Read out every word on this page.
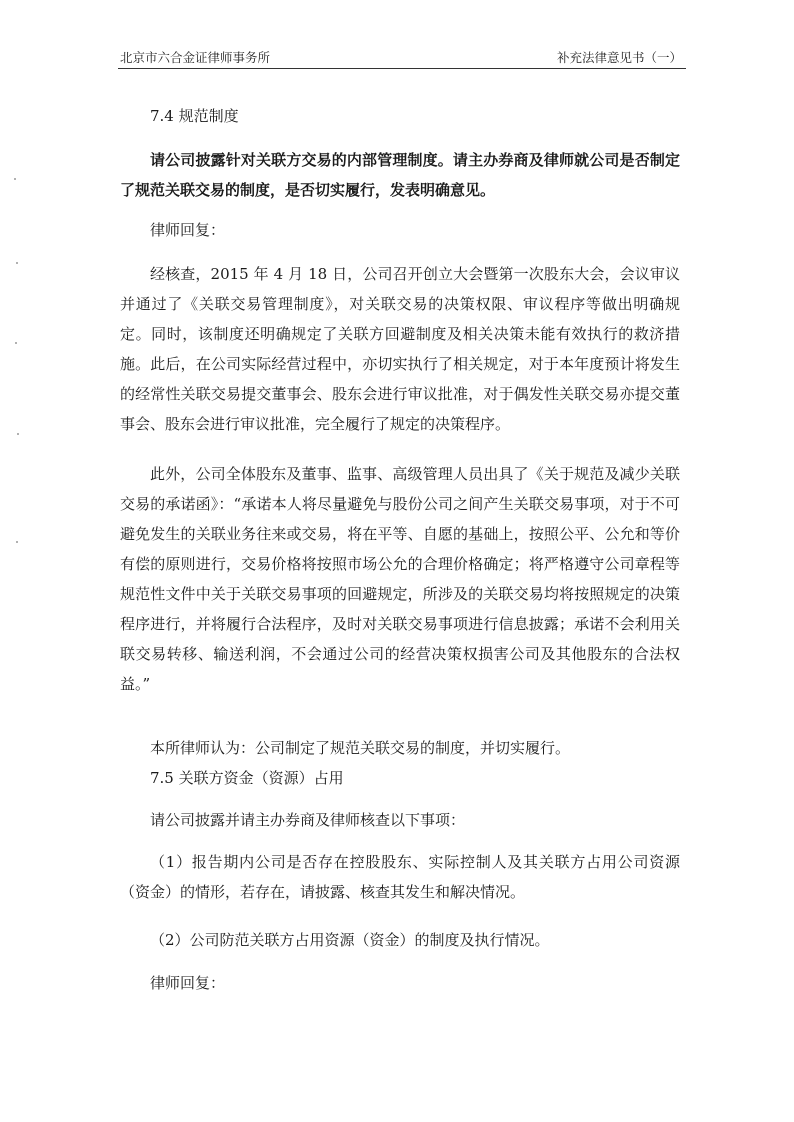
北京市六合金证律师事务所	补充法律意见书（一）

7.4 规范制度

请公司披露针对关联方交易的内部管理制度。请主办券商及律师就公司是否制定了规范关联交易的制度，是否切实履行，发表明确意见。

律师回复：

经核查，2015 年 4 月 18 日，公司召开创立大会暨第一次股东大会，会议审议并通过了《关联交易管理制度》，对关联交易的决策权限、审议程序等做出明确规定。同时，该制度还明确规定了关联方回避制度及相关决策未能有效执行的救济措施。此后，在公司实际经营过程中，亦切实执行了相关规定，对于本年度预计将发生的经常性关联交易提交董事会、股东会进行审议批准，对于偶发性关联交易亦提交董事会、股东会进行审议批准，完全履行了规定的决策程序。

此外，公司全体股东及董事、监事、高级管理人员出具了《关于规范及减少关联交易的承诺函》：“承诺本人将尽量避免与股份公司之间产生关联交易事项，对于不可避免发生的关联业务往来或交易，将在平等、自愿的基础上，按照公平、公允和等价有偿的原则进行，交易价格将按照市场公允的合理价格确定；将严格遵守公司章程等规范性文件中关于关联交易事项的回避规定，所涉及的关联交易均将按照规定的决策程序进行，并将履行合法程序，及时对关联交易事项进行信息披露；承诺不会利用关联交易转移、输送利润，不会通过公司的经营决策权损害公司及其他股东的合法权益。”

本所律师认为：公司制定了规范关联交易的制度，并切实履行。

7.5 关联方资金（资源）占用

请公司披露并请主办券商及律师核查以下事项：

（1）报告期内公司是否存在控股股东、实际控制人及其关联方占用公司资源（资金）的情形，若存在，请披露、核查其发生和解决情况。

（2）公司防范关联方占用资源（资金）的制度及执行情况。

律师回复：
